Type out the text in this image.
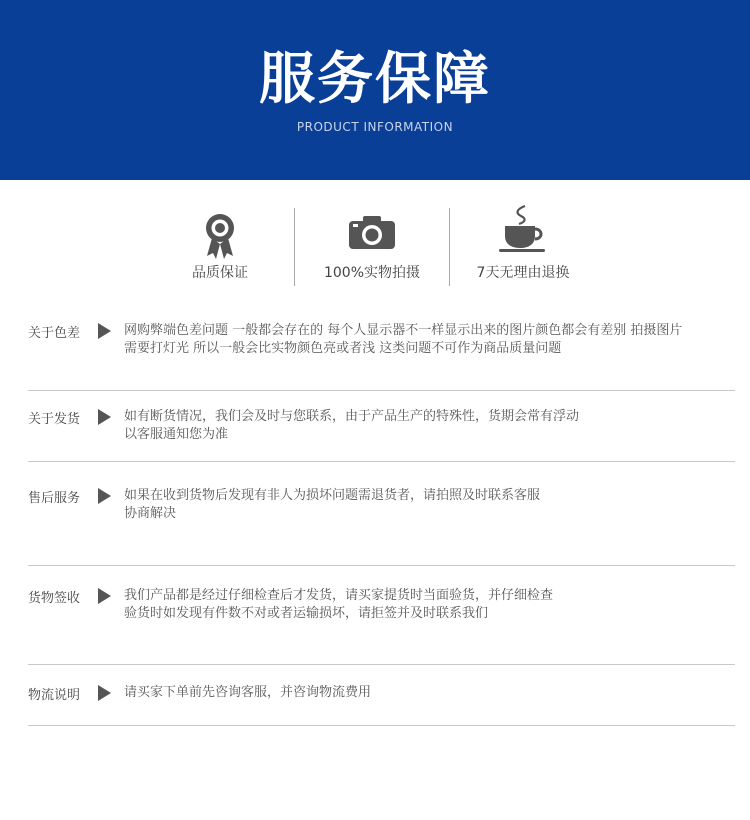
服务保障
PRODUCT INFORMATION
品质保证	100%实物拍摄	7天无理由退换
关于色差	网购弊端色差问题 一般都会存在的 每个人显示器不一样显示出来的图片颜色都会有差别 拍摄图片
需要打灯光 所以一般会比实物颜色亮或者浅 这类问题不可作为商品质量问题
关于发货	如有断货情况，我们会及时与您联系，由于产品生产的特殊性，货期会常有浮动
以客服通知您为准
售后服务	如果在收到货物后发现有非人为损坏问题需退货者，请拍照及时联系客服
协商解决
货物签收	我们产品都是经过仔细检查后才发货，请买家提货时当面验货，并仔细检查
验货时如发现有件数不对或者运输损坏，请拒签并及时联系我们
物流说明	请买家下单前先咨询客服，并咨询物流费用
